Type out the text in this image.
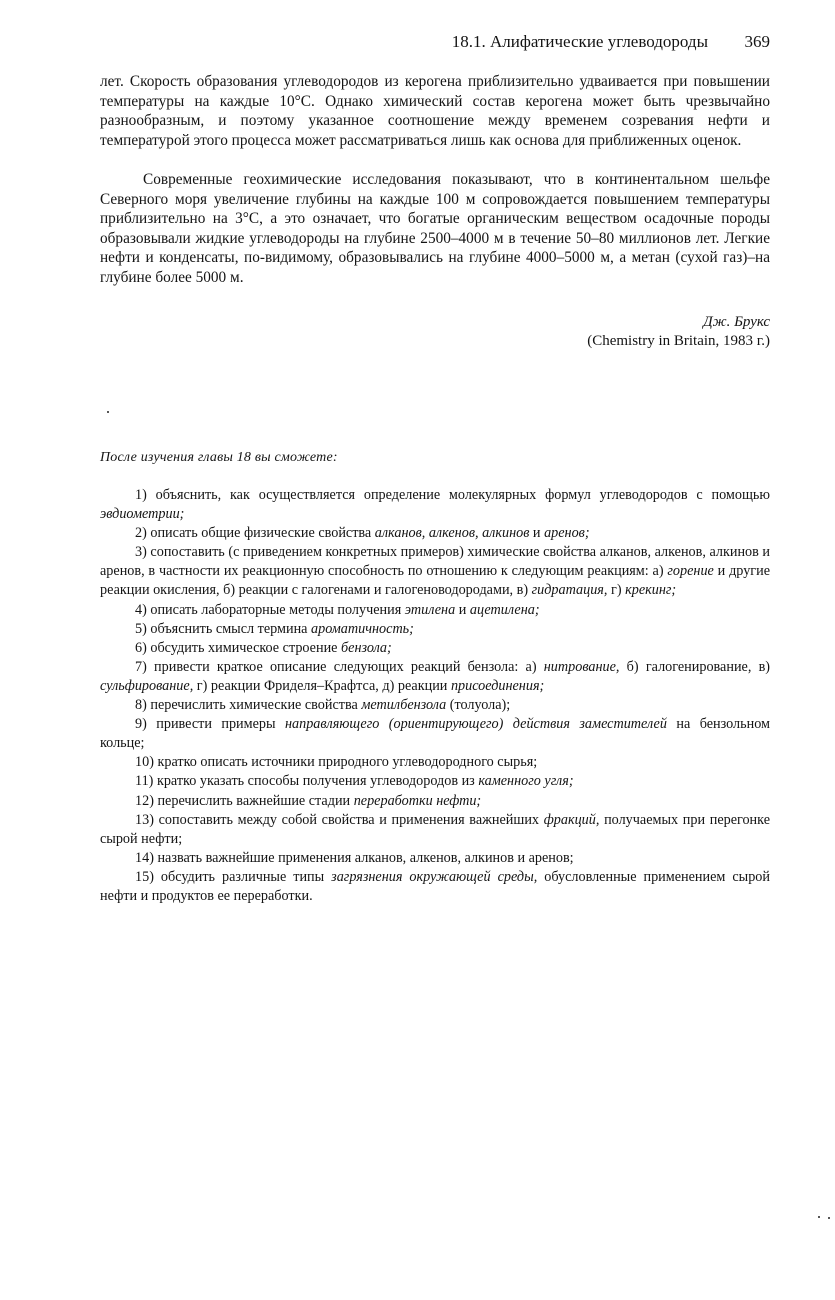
18.1. Алифатические углеводороды 369

лет. Скорость образования углеводородов из керогена приблизительно удваивается при повышении температуры на каждые 10°С. Однако химический состав керогена может быть чрезвычайно разнообразным, и поэтому указанное соотношение между временем созревания нефти и температурой этого процесса может рассматриваться лишь как основа для приближенных оценок.

Современные геохимические исследования показывают, что в континентальном шельфе Северного моря увеличение глубины на каждые 100 м сопровождается повышением температуры приблизительно на 3°С, а это означает, что богатые органическим веществом осадочные породы образовывали жидкие углеводороды на глубине 2500–4000 м в течение 50–80 миллионов лет. Легкие нефти и конденсаты, по-видимому, образовывались на глубине 4000–5000 м, а метан (сухой газ)–на глубине более 5000 м.

Дж. Брукс
(Chemistry in Britain, 1983 г.)
После изучения главы 18 вы сможете:
1) объяснить, как осуществляется определение молекулярных формул углеводородов с помощью эвдиометрии;
2) описать общие физические свойства алканов, алкенов, алкинов и аренов;
3) сопоставить (с приведением конкретных примеров) химические свойства алканов, алкенов, алкинов и аренов, в частности их реакционную способность по отношению к следующим реакциям: а) горение и другие реакции окисления, б) реакции с галогенами и галогеноводородами, в) гидратация, г) крекинг;
4) описать лабораторные методы получения этилена и ацетилена;
5) объяснить смысл термина ароматичность;
6) обсудить химическое строение бензола;
7) привести краткое описание следующих реакций бензола: а) нитрование, б) галогенирование, в) сульфирование, г) реакции Фриделя–Крафтса, д) реакции присоединения;
8) перечислить химические свойства метилбензола (толуола);
9) привести примеры направляющего (ориентирующего) действия заместителей на бензольном кольце;
10) кратко описать источники природного углеводородного сырья;
11) кратко указать способы получения углеводородов из каменного угля;
12) перечислить важнейшие стадии переработки нефти;
13) сопоставить между собой свойства и применения важнейших фракций, получаемых при перегонке сырой нефти;
14) назвать важнейшие применения алканов, алкенов, алкинов и аренов;
15) обсудить различные типы загрязнения окружающей среды, обусловленные применением сырой нефти и продуктов ее переработки.
